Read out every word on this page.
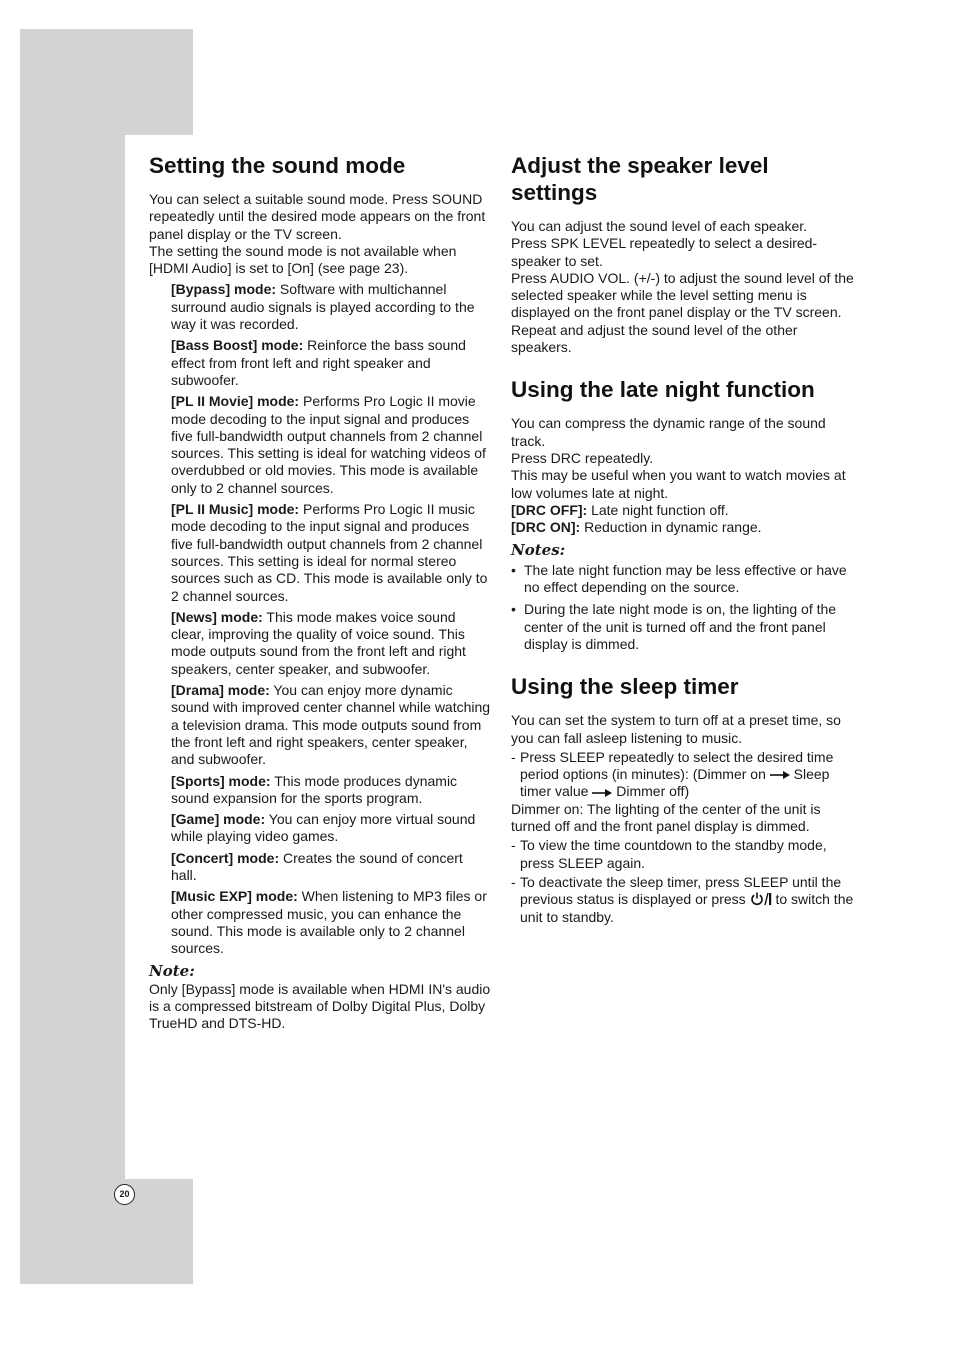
20
Setting the sound mode

You can select a suitable sound mode. Press SOUND repeatedly until the desired mode appears on the front panel display or the TV screen.

The setting the sound mode is not available when [HDMI Audio] is set to [On] (see page 23).

[Bypass] mode: Software with multichannel surround audio signals is played according to the way it was recorded.

[Bass Boost] mode: Reinforce the bass sound effect from front left and right speaker and subwoofer.

[PL II Movie] mode: Performs Pro Logic II movie mode decoding to the input signal and produces five full-bandwidth output channels from 2 channel sources. This setting is ideal for watching videos of overdubbed or old movies. This mode is available only to 2 channel sources.

[PL II Music] mode: Performs Pro Logic II music mode decoding to the input signal and produces five full-bandwidth output channels from 2 channel sources. This setting is ideal for normal stereo sources such as CD. This mode is available only to 2 channel sources.

[News] mode: This mode makes voice sound clear, improving the quality of voice sound. This mode outputs sound from the front left and right speakers, center speaker, and subwoofer.

[Drama] mode: You can enjoy more dynamic sound with improved center channel while watching a television drama. This mode outputs sound from the front left and right speakers, center speaker, and subwoofer.

[Sports] mode: This mode produces dynamic sound expansion for the sports program.

[Game] mode: You can enjoy more virtual sound while playing video games.

[Concert] mode: Creates the sound of concert hall.

[Music EXP] mode: When listening to MP3 files or other compressed music, you can enhance the sound. This mode is available only to 2 channel sources.

Note:

Only [Bypass] mode is available when HDMI IN's audio is a compressed bitstream of Dolby Digital Plus, Dolby TrueHD and DTS-HD.

Adjust the speaker level settings

You can adjust the sound level of each speaker.

Press SPK LEVEL repeatedly to select a desired-speaker to set.

Press AUDIO VOL. (+/-) to adjust the sound level of the selected speaker while the level setting menu is displayed on the front panel display or the TV screen. Repeat and adjust the sound level of the other speakers.

Using the late night function

You can compress the dynamic range of the sound track.

Press DRC repeatedly.

This may be useful when you want to watch movies at low volumes late at night.

[DRC OFF]: Late night function off.

[DRC ON]: Reduction in dynamic range.

Notes:
• The late night function may be less effective or have no effect depending on the source.
• During the late night mode is on, the lighting of the center of the unit is turned off and the front panel display is dimmed.
Using the sleep timer

You can set the system to turn off at a preset time, so you can fall asleep listening to music.

- Press SLEEP repeatedly to select the desired time period options (in minutes): (Dimmer on  Sleep timer value  Dimmer off)

Dimmer on: The lighting of the center of the unit is turned off and the front panel display is dimmed.

- To view the time countdown to the standby mode, press SLEEP again.

- To deactivate the sleep timer, press SLEEP until the previous status is displayed or press  to switch the unit to standby.
